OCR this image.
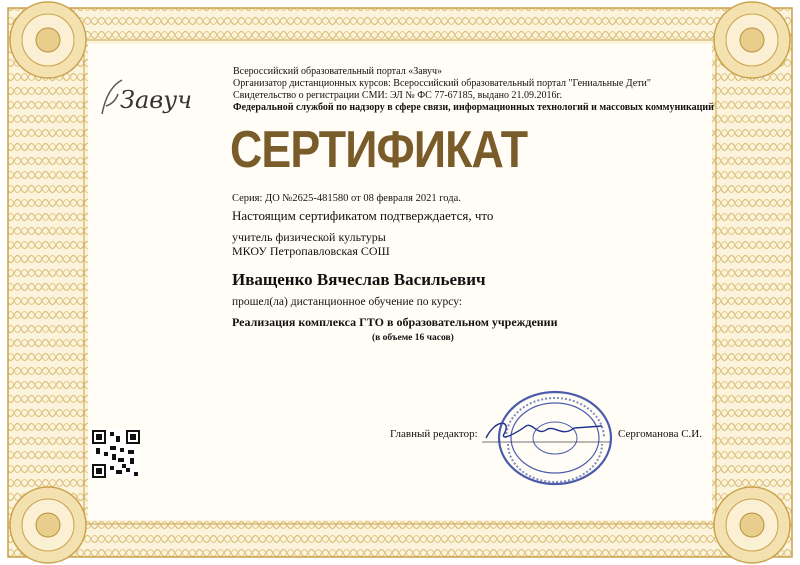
Завуч
Всероссийский образовательный портал «Завуч»
Организатор дистанционных курсов: Всероссийский образовательный портал "Гениальные Дети"
Свидетельство о регистрации СМИ: ЭЛ № ФС 77-67185, выдано 21.09.2016г.
Федеральной службой по надзору в сфере связи, информационных технологий и массовых коммуникаций
СЕРТИФИКАТ
Серия: ДО №2625-481580 от 08 февраля 2021 года.
Настоящим сертификатом подтверждается, что
учитель физической культуры
МКОУ Петропавловская СОШ
Иващенко Вячеслав Васильевич
прошел(ла) дистанционное обучение по курсу:
Реализация комплекса ГТО в образовательном учреждении
(в объеме 16 часов)
Главный редактор:	Сергоманова С.И.
